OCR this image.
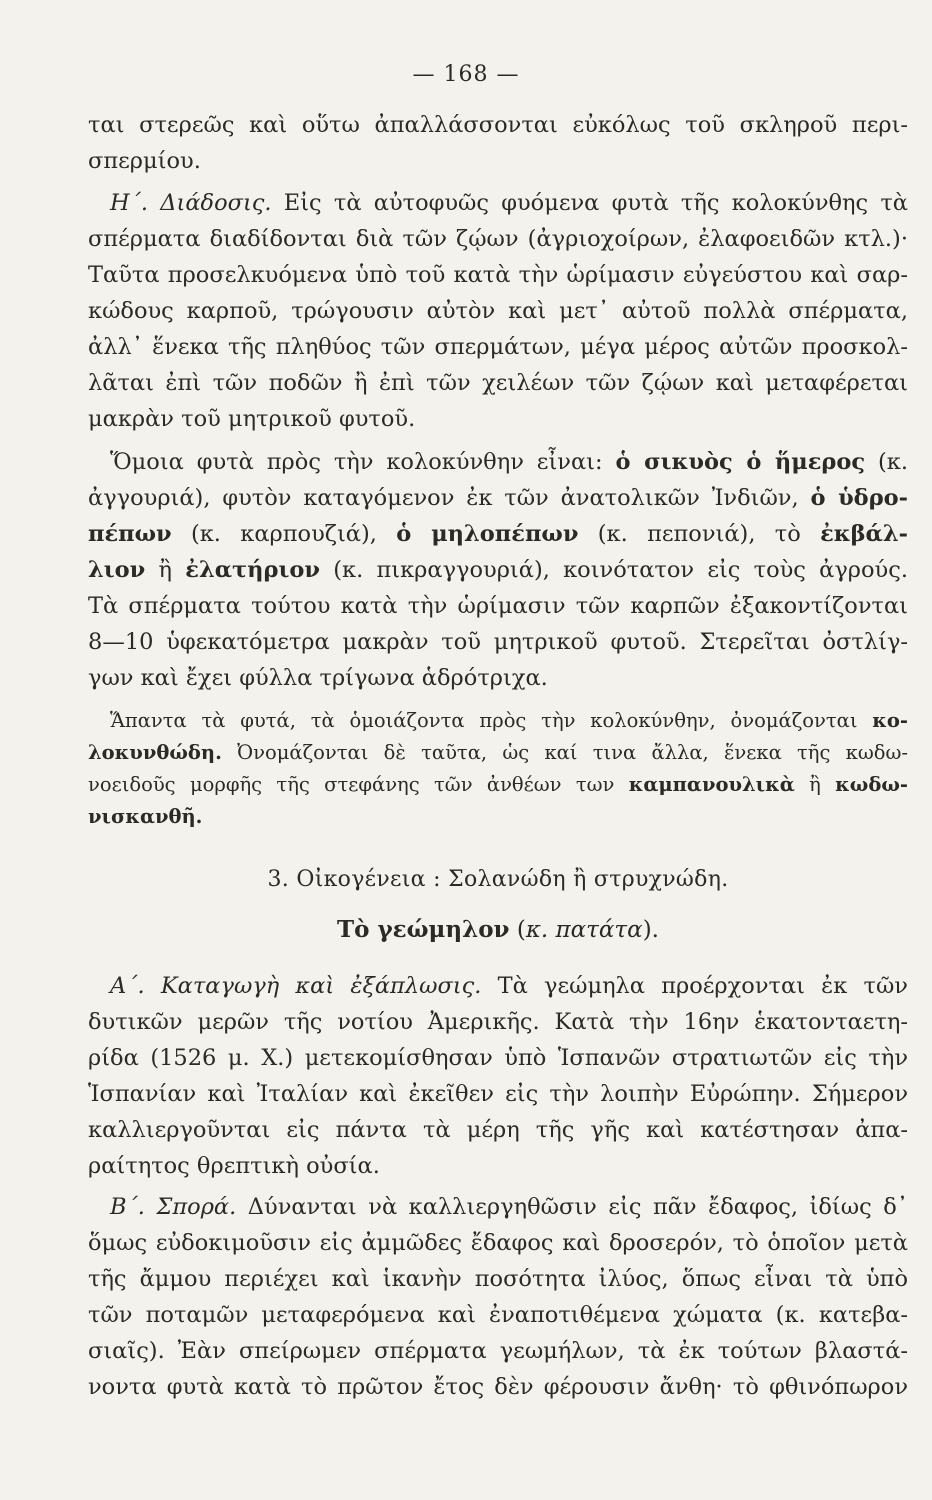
— 168 —
ται στερεῶς καὶ οὕτω ἀπαλλάσσονται εὐκόλως τοῦ σκληροῦ περι-
σπερμίου.
Η΄. Διάδοσις. Εἰς τὰ αὐτοφυῶς φυόμενα φυτὰ τῆς κολοκύνθης τὰ
σπέρματα διαδίδονται διὰ τῶν ζῴων (ἀγριοχοίρων, ἐλαφοειδῶν κτλ.)·
Ταῦτα προσελκυόμενα ὑπὸ τοῦ κατὰ τὴν ὡρίμασιν εὐγεύστου καὶ σαρ-
κώδους καρποῦ, τρώγουσιν αὐτὸν καὶ μετ᾽ αὐτοῦ πολλὰ σπέρματα,
ἀλλ᾽ ἕνεκα τῆς πληθύος τῶν σπερμάτων, μέγα μέρος αὐτῶν προσκολ-
λᾶται ἐπὶ τῶν ποδῶν ἢ ἐπὶ τῶν χειλέων τῶν ζῴων καὶ μεταφέρεται
μακρὰν τοῦ μητρικοῦ φυτοῦ.
Ὅμοια φυτὰ πρὸς τὴν κολοκύνθην εἶναι: ὁ σικυὸς ὁ ἥμερος (κ.
ἀγγουριά), φυτὸν καταγόμενον ἐκ τῶν ἀνατολικῶν Ἰνδιῶν, ὁ ὑδρο-
πέπων (κ. καρπουζιά), ὁ μηλοπέπων (κ. πεπονιά), τὸ ἐκβάλ-
λιον ἢ ἐλατήριον (κ. πικραγγουριά), κοινότατον εἰς τοὺς ἀγρούς.
Τὰ σπέρματα τούτου κατὰ τὴν ὡρίμασιν τῶν καρπῶν ἐξακοντίζονται
8—10 ὑφεκατόμετρα μακρὰν τοῦ μητρικοῦ φυτοῦ. Στερεῖται ὀστλίγ-
γων καὶ ἔχει φύλλα τρίγωνα ἁδρότριχα.
Ἅπαντα τὰ φυτά, τὰ ὁμοιάζοντα πρὸς τὴν κολοκύνθην, ὀνομάζονται κο-
λοκυνθώδη. Ὀνομάζονται δὲ ταῦτα, ὡς καί τινα ἄλλα, ἕνεκα τῆς κωδω-
νοειδοῦς μορφῆς τῆς στεφάνης τῶν ἀνθέων των καμπανουλικὰ ἢ κωδω-
νισκανθῆ.
3. Οἰκογένεια : Σολανώδη ἢ στρυχνώδη.
Τὸ γεώμηλον (κ. πατάτα).
Α΄. Καταγωγὴ καὶ ἐξάπλωσις. Τὰ γεώμηλα προέρχονται ἐκ τῶν
δυτικῶν μερῶν τῆς νοτίου Ἀμερικῆς. Κατὰ τὴν 16ην ἑκατονταετη-
ρίδα (1526 μ. Χ.) μετεκομίσθησαν ὑπὸ Ἱσπανῶν στρατιωτῶν εἰς τὴν
Ἱσπανίαν καὶ Ἰταλίαν καὶ ἐκεῖθεν εἰς τὴν λοιπὴν Εὐρώπην. Σήμερον
καλλιεργοῦνται εἰς πάντα τὰ μέρη τῆς γῆς καὶ κατέστησαν ἀπα-
ραίτητος θρεπτικὴ οὐσία.
Β΄. Σπορά. Δύνανται νὰ καλλιεργηθῶσιν εἰς πᾶν ἔδαφος, ἰδίως δ᾽
ὅμως εὐδοκιμοῦσιν εἰς ἀμμῶδες ἔδαφος καὶ δροσερόν, τὸ ὁποῖον μετὰ
τῆς ἄμμου περιέχει καὶ ἱκανὴν ποσότητα ἰλύος, ὅπως εἶναι τὰ ὑπὸ
τῶν ποταμῶν μεταφερόμενα καὶ ἐναποτιθέμενα χώματα (κ. κατεβα-
σιαῖς). Ἐὰν σπείρωμεν σπέρματα γεωμήλων, τὰ ἐκ τούτων βλαστά-
νοντα φυτὰ κατὰ τὸ πρῶτον ἔτος δὲν φέρουσιν ἄνθη· τὸ φθινόπωρον
